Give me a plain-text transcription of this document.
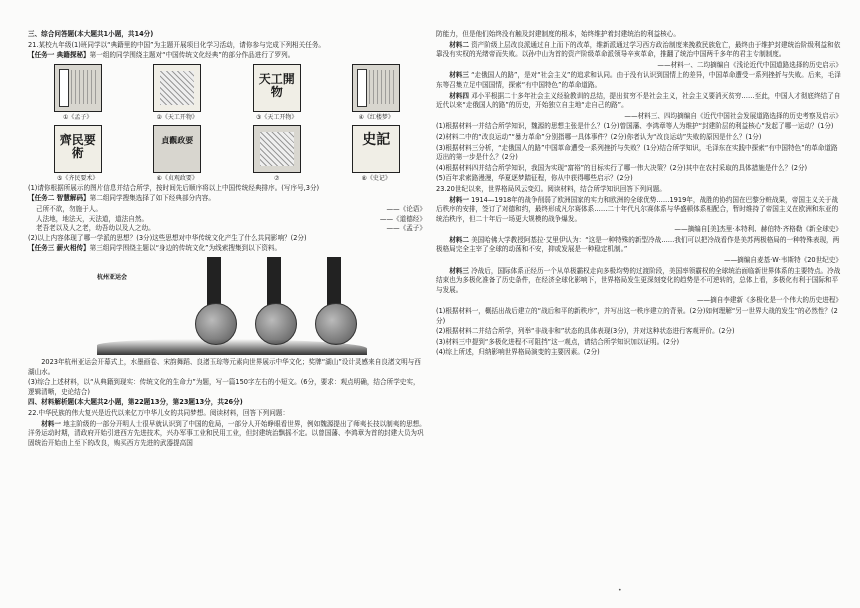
三、综合问答题(本大题共1小题，共14分)

21.某校九年级(1)班同学以“典籍里的中国”为主题开展项目化学习活动，请你参与完成下列相关任务。

【任务一 典籍探秘】第一组的同学围绕主题对“中国传统文化经典”的部分作品进行了罗列。

①《孟子》	②《天工开物》
天工開物
③《天工开物》	④《红楼梦》
齊民要術
⑤《齐民要术》
貞觀政要
⑥《贞观政要》	⑦
史記
⑧《史记》

(1)请你根据所展示的图片信息并结合所学，按时间先后顺序将以上中国传统经典排序。(写序号,3分)

【任务二 智慧解码】第二组同学搜集选择了如下经典部分内容。

己所不欲，勿施于人。	——《论语》
人法地，地法天，天法道，道法自然。	——《道德经》
老吾老以及人之老，幼吾幼以及人之幼。	——《孟子》

(2)以上内容体现了哪一学派的思想？(3分)这些思想对中华传统文化产生了什么共同影响？(2分)

【任务三 薪火相传】第三组同学围绕主题以“身边的传统文化”为线索搜集到以下资料。

杭州亚运会

2023年杭州亚运会开幕式上，水墨画卷、宋韵舞蹈、良渚玉琮等元素向世界展示中华文化；奖牌“湖山”设计灵感来自良渚文明与西湖山水。

(3)综合上述材料，以“从典籍到现实：传统文化的生命力”为题，写一篇150字左右的小短文。(6分，要求：观点明确，结合所学史实，逻辑清晰，史论结合)

四、材料解析题(本大题共2小题，第22题13分，第23题13分，共26分)

22.中华民族的伟大复兴是近代以来亿万中华儿女的共同梦想。阅读材料，回答下列问题：

材料一 地主阶级的一部分开明人士很早就认识到了中国的危局，一部分人开始睁眼看世界，例如魏源提出了师夷长技以制夷的思想。洋务运动时期，清政府开始引进西方先进技术，兴办军事工业和民用工业，但封建统治飘摇不定。以曾国藩、李鸿章为首的封建大员为巩固统治开始由上至下的改良，购买西方先进的武器提高国

防能力，但是他们始终没有触及封建制度的根本，始终维护着封建统治的利益核心。

材料二 资产阶级上层改良派通过自上而下的改革，维新派通过学习西方政治制度来挽救民族危亡，最终由于维护封建统治阶级利益和依靠没有实权的光绪帝而失败。以孙中山为首的资产阶级革命派领导辛亥革命，推翻了统治中国两千多年的君主专制制度。

——材料一、二均摘编自《浅论近代中国道路选择的历史启示》

材料三 “走俄国人的路”，是对“社会主义”的追求和认同。由于没有认识到国情上的差异，中国革命遭受一系列挫折与失败。后来，毛泽东等召集立足中国国情，探索“有中国特色”的革命道路。

材料四 邓小平根据二十多年社会主义经验教训的总结，提出贫穷不是社会主义，社会主义要消灭贫穷……至此，中国人才彻底终结了自近代以来“走俄国人的路”的历史，开始独立自主地“走自己的路”。

——材料三、四均摘编自《近代中国社会发展道路选择的历史考察及启示》

(1)根据材料一并结合所学知识，魏源的思想主张是什么？(1分)曾国藩、李鸿章等人为维护“封建阶层的利益核心”发起了哪一运动？(1分)

(2)材料二中的“改良运动”“暴力革命”分别指哪一具体事件？(2分)你者认为“改良运动”失败的原因是什么？(1分)

(3)根据材料三分析，“走俄国人的路”中国革命遭受一系列挫折与失败？(1分)结合所学知识，毛泽东在实践中探索“有中国特色”的革命道路迈出的第一步是什么？(2分)

(4)根据材料四并结合所学知识，我国为实现“富裕”的目标实行了哪一伟大决策？(2分)其中在农村采取的具体措施是什么？(2分)

(5)百年求索路漫漫，华夏逐梦踏征程，你从中获得哪些启示？(2分)

23.20世纪以来，世界格局风云变幻。阅读材料，结合所学知识回答下列问题。

材料一 1914—1918年的战争削弱了欧洲国家的实力和欧洲的全球优势……1919年，战胜的协约国在巴黎分赃战果，帝国主义关于战后秩序的安排，签订了对德和约，最终形成凡尔赛体系……二十年代凡尔赛体系与华盛顿体系相配合，暂时维持了帝国主义在欧洲和东亚的统治秩序，但二十年后一场更大规模的战争爆发。

——摘编自[美]杰里·本特利、赫伯特·齐格勒《新全球史》

材料二 美国哈佛大学教授阿基拉·艾里伊认为：“这是一种特殊的新型冷战……我们可以把冷战看作是美苏两极格局的一种特殊表现，两极格局完全主宰了全球的动荡和不安，抑或发展是一种稳定机制。”

——摘编自麦基·W·韦斯特《20世纪史》

材料三 冷战后，国际体系正经历一个从单极霸权走向多极均势的过渡阶段，美国率领霸权的全球统治面临新世界体系的主要特点。冷战结束也为多极化准备了历史条件，在经济全球化影响下，世界格局发生更深刻变化的趋势是不可逆转的，总体上看，多极化有利于国际和平与发展。

——摘自李建新《多极化是一个伟大的历史进程》

(1)根据材料一，概括出战后建立的“战后和平的新秩序”，并写出这一秩序建立的背景。(2分)如何理解“另一世界大战的发生”的必然性？(2分)

(2)根据材料二并结合所学，列举“非战非和”状态的具体表现(3分)，并对这种状态进行客观评价。(2分)

(3)材料三中提到“多极化进程不可阻挡”这一观点，请结合所学知识加以证明。(2分)

(4)综上所述，归纳影响世界格局演变的主要因素。(2分)

•
